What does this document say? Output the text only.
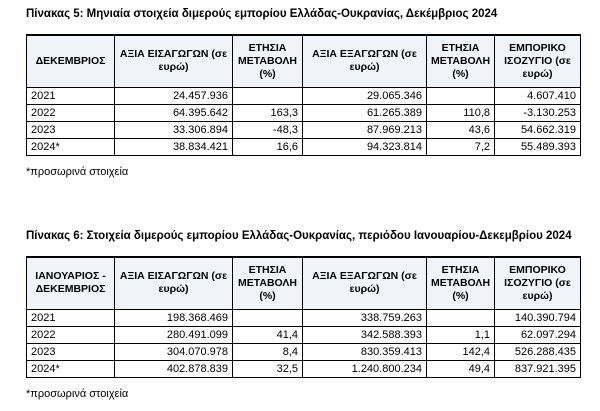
Πίνακας 5: Μηνιαία στοιχεία διμερούς εμπορίου Ελλάδας-Ουκρανίας, Δεκέμβριος 2024
ΔΕΚΕΜΒΡΙΟΣ	ΑΞΙΑ ΕΙΣΑΓΩΓΩΝ (σε ευρώ)	ΕΤΗΣΙΑ ΜΕΤΑΒΟΛΗ (%)	ΑΞΙΑ ΕΞΑΓΩΓΩΝ (σε ευρώ)	ΕΤΗΣΙΑ ΜΕΤΑΒΟΛΗ (%)	ΕΜΠΟΡΙΚΟ ΙΣΟΖΥΓΙΟ (σε ευρώ)
2021	24.457.936		29.065.346		4.607.410
2022	64.395.642	163,3	61.265.389	110,8	-3.130.253
2023	33.306.894	-48,3	87.969.213	43,6	54.662.319
2024*	38.834.421	16,6	94.323.814	7,2	55.489.393
*προσωρινά στοιχεία
Πίνακας 6: Στοιχεία διμερούς εμπορίου Ελλάδας-Ουκρανίας, περιόδου Ιανουαρίου-Δεκεμβρίου 2024
ΙΑΝΟΥΑΡΙΟΣ - ΔΕΚΕΜΒΡΙΟΣ	ΑΞΙΑ ΕΙΣΑΓΩΓΩΝ (σε ευρώ)	ΕΤΗΣΙΑ ΜΕΤΑΒΟΛΗ (%)	ΑΞΙΑ ΕΞΑΓΩΓΩΝ (σε ευρώ)	ΕΤΗΣΙΑ ΜΕΤΑΒΟΛΗ (%)	ΕΜΠΟΡΙΚΟ ΙΣΟΖΥΓΙΟ (σε ευρώ)
2021	198.368.469		338.759.263		140.390.794
2022	280.491.099	41,4	342.588.393	1,1	62.097.294
2023	304.070.978	8,4	830.359.413	142,4	526.288.435
2024*	402.878.839	32,5	1.240.800.234	49,4	837.921.395
*προσωρινά στοιχεία
